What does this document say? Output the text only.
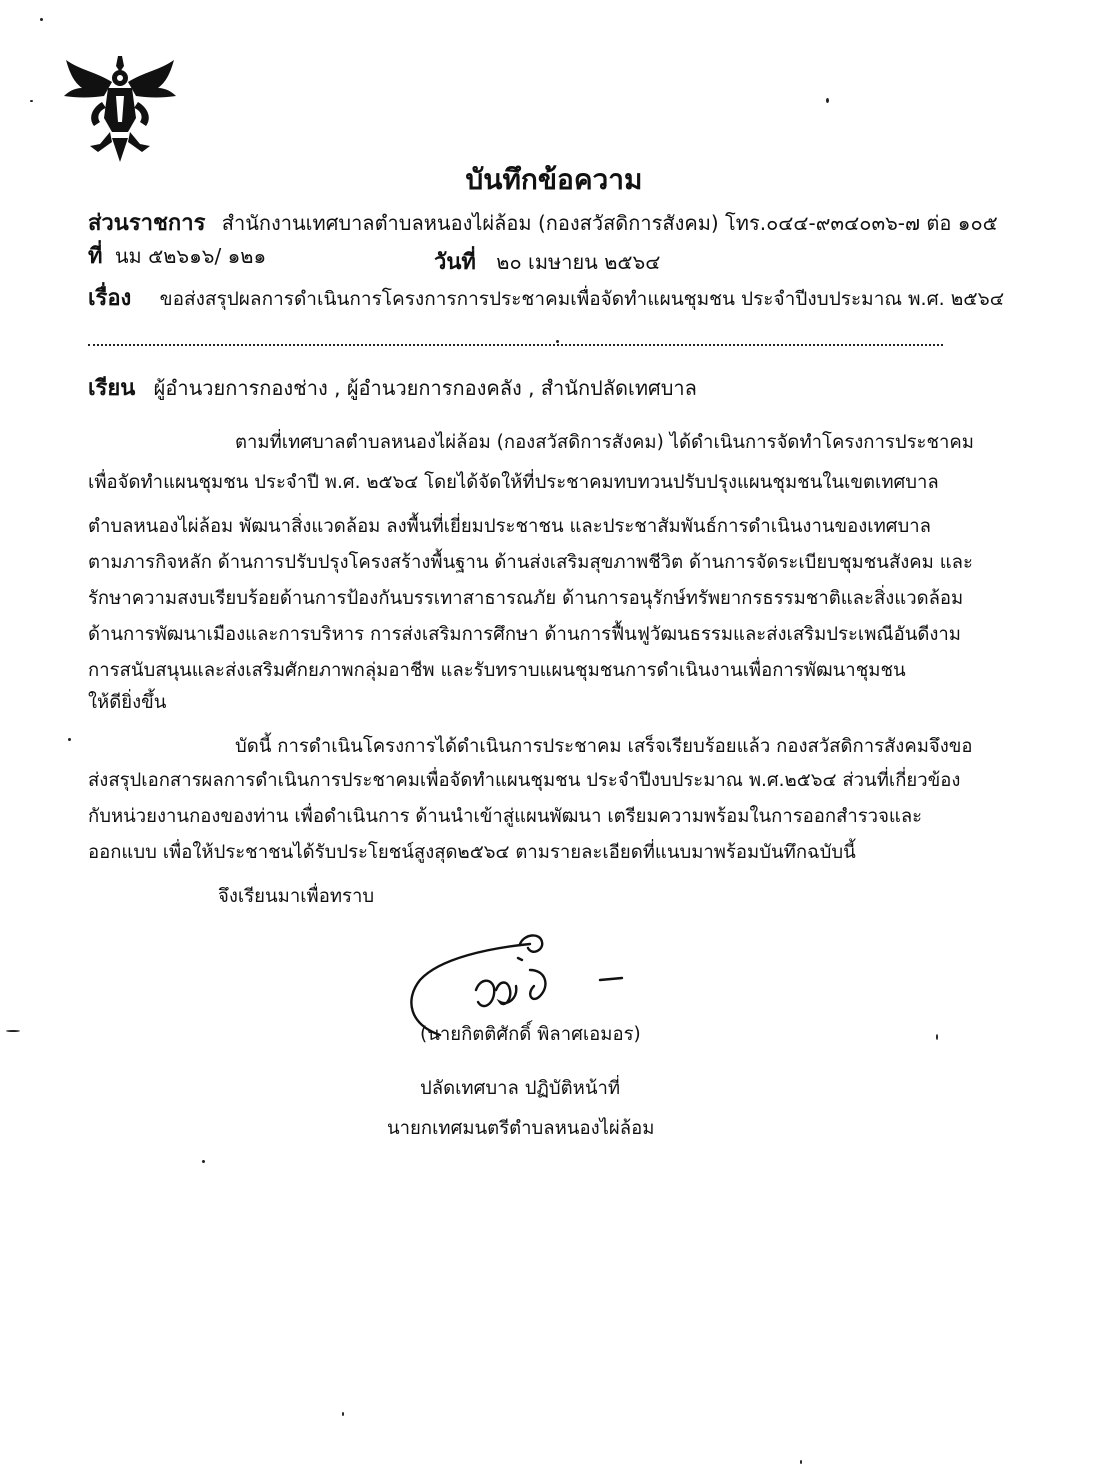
บันทึกข้อความ
ส่วนราชการ สำนักงานเทศบาลตำบลหนองไผ่ล้อม (กองสวัสดิการสังคม) โทร.๐๔๔-๙๓๔๐๓๖-๗ ต่อ ๑๐๕
ที่ นม ๕๒๖๑๖/ ๑๒๑	วันที่ ๒๐ เมษายน ๒๕๖๔
เรื่อง ขอส่งสรุปผลการดำเนินการโครงการการประชาคมเพื่อจัดทำแผนชุมชน ประจำปีงบประมาณ พ.ศ. ๒๕๖๔
เรียน ผู้อำนวยการกองช่าง , ผู้อำนวยการกองคลัง , สำนักปลัดเทศบาล
ตามที่เทศบาลตำบลหนองไผ่ล้อม (กองสวัสดิการสังคม) ได้ดำเนินการจัดทำโครงการประชาคม
เพื่อจัดทำแผนชุมชน ประจำปี พ.ศ. ๒๕๖๔ โดยได้จัดให้ที่ประชาคมทบทวนปรับปรุงแผนชุมชนในเขตเทศบาล
ตำบลหนองไผ่ล้อม พัฒนาสิ่งแวดล้อม ลงพื้นที่เยี่ยมประชาชน และประชาสัมพันธ์การดำเนินงานของเทศบาล
ตามภารกิจหลัก ด้านการปรับปรุงโครงสร้างพื้นฐาน ด้านส่งเสริมสุขภาพชีวิต ด้านการจัดระเบียบชุมชนสังคม และ
รักษาความสงบเรียบร้อยด้านการป้องกันบรรเทาสาธารณภัย ด้านการอนุรักษ์ทรัพยากรธรรมชาติและสิ่งแวดล้อม
ด้านการพัฒนาเมืองและการบริหาร การส่งเสริมการศึกษา ด้านการฟื้นฟูวัฒนธรรมและส่งเสริมประเพณีอันดีงาม
การสนับสนุนและส่งเสริมศักยภาพกลุ่มอาชีพ และรับทราบแผนชุมชนการดำเนินงานเพื่อการพัฒนาชุมชน
ให้ดียิ่งขึ้น
บัดนี้ การดำเนินโครงการได้ดำเนินการประชาคม เสร็จเรียบร้อยแล้ว กองสวัสดิการสังคมจึงขอ
ส่งสรุปเอกสารผลการดำเนินการประชาคมเพื่อจัดทำแผนชุมชน ประจำปีงบประมาณ พ.ศ.๒๕๖๔ ส่วนที่เกี่ยวข้อง
กับหน่วยงานกองของท่าน เพื่อดำเนินการ ด้านนำเข้าสู่แผนพัฒนา เตรียมความพร้อมในการออกสำรวจและ
ออกแบบ เพื่อให้ประชาชนได้รับประโยชน์สูงสุด๒๕๖๔ ตามรายละเอียดที่แนบมาพร้อมบันทึกฉบับนี้
จึงเรียนมาเพื่อทราบ
(นายกิตติศักดิ์ พิลาศเอมอร)
ปลัดเทศบาล ปฏิบัติหน้าที่
นายกเทศมนตรีตำบลหนองไผ่ล้อม
